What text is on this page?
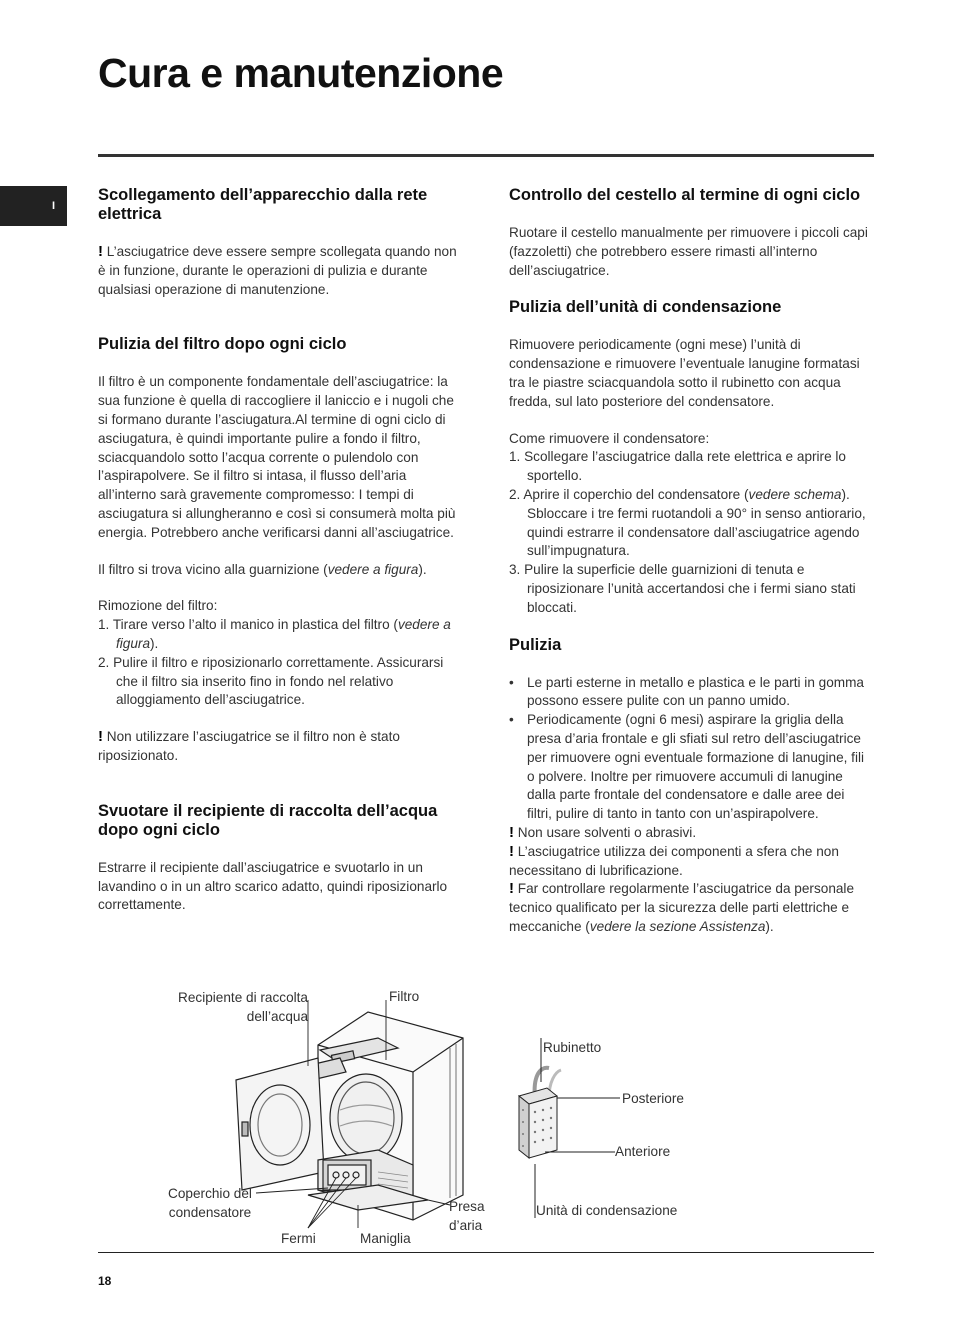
Cura e manutenzione
I
Scollegamento dell’apparecchio dalla rete elettrica

! L’asciugatrice deve essere sempre scollegata quando non è in funzione, durante le operazioni di pulizia e durante qualsiasi operazione di manutenzione.

Pulizia del filtro dopo ogni ciclo

Il filtro è un componente fondamentale dell’asciugatrice: la sua funzione è quella di raccogliere il laniccio e i nugoli che si formano durante l’asciugatura.Al termine di ogni ciclo di asciugatura, è quindi importante pulire a fondo il filtro, sciacquandolo sotto l’acqua corrente o pulendolo con l’aspirapolvere. Se il filtro si intasa, il flusso dell’aria all’interno sarà gravemente compromesso: I tempi di asciugatura si allungheranno e così si consumerà molta più energia. Potrebbero anche verificarsi danni all’asciugatrice.

Il filtro si trova vicino alla guarnizione (vedere a figura).

Rimozione del filtro:

1. Tirare verso l’alto il manico in plastica del filtro (vedere a figura).
2. Pulire il filtro e riposizionarlo correttamente. Assicurarsi che il filtro sia inserito fino in fondo nel relativo alloggiamento dell’asciugatrice.

! Non utilizzare l’asciugatrice se il filtro non è stato riposizionato.

Svuotare il recipiente di raccolta dell’acqua dopo ogni ciclo

Estrarre il recipiente dall’asciugatrice e svuotarlo in un lavandino o in un altro scarico adatto, quindi riposizionarlo correttamente.

Controllo del cestello al termine di ogni ciclo

Ruotare il cestello manualmente per rimuovere i piccoli capi (fazzoletti) che potrebbero essere rimasti all’interno dell’asciugatrice.

Pulizia dell’unità di condensazione

Rimuovere periodicamente (ogni mese) l’unità di condensazione e rimuovere l’eventuale lanugine formatasi tra le piastre sciacquandola sotto il rubinetto con acqua fredda, sul lato posteriore del condensatore.

Come rimuovere il condensatore:

1. Scollegare l’asciugatrice dalla rete elettrica e aprire lo sportello.
2. Aprire il coperchio del condensatore (vedere schema). Sbloccare i tre fermi ruotandoli a 90° in senso antiorario, quindi estrarre il condensatore dall’asciugatrice agendo sull’impugnatura.
3. Pulire la superficie delle guarnizioni di tenuta e riposizionare l’unità accertandosi che i fermi siano stati bloccati.
Pulizia
• Le parti esterne in metallo e plastica e le parti in gomma possono essere pulite con un panno umido.
• Periodicamente (ogni 6 mesi) aspirare la griglia della presa d’aria frontale e gli sfiati sul retro dell’asciugatrice per rimuovere ogni eventuale formazione di lanugine, fili o polvere. Inoltre per rimuovere accumuli di lanugine dalla parte frontale del condensatore e dalle aree dei filtri, pulire di tanto in tanto con un’aspirapolvere.

! Non usare solventi o abrasivi.

! L’asciugatrice utilizza dei componenti a sfera che non necessitano di lubrificazione.

! Far controllare regolarmente l’asciugatrice da personale tecnico qualificato per la sicurezza delle parti elettriche e meccaniche (vedere la sezione Assistenza).

Recipiente di raccolta
dell’acqua
Filtro
Coperchio del
condensatore
Fermi	Maniglia
Presa
d’aria
Rubinetto
Posteriore
Anteriore
Unità di condensazione
18
